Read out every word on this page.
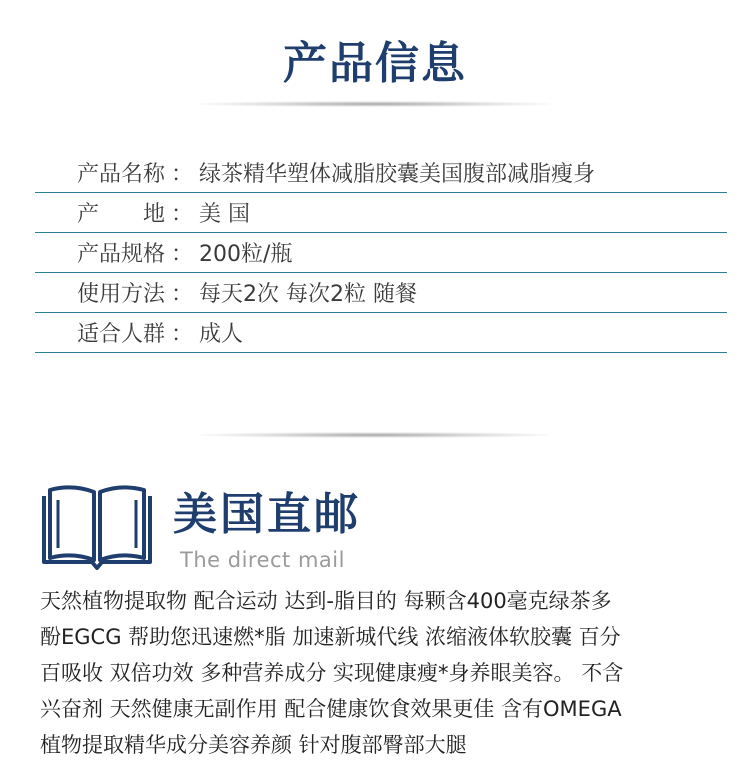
产品信息
产品名称 ： 绿茶精华塑体减脂胶囊美国腹部减脂瘦身
产　　地 ： 美 国
产品规格 ： 200粒/瓶
使用方法 ： 每天2次 每次2粒 随餐
适合人群 ： 成人
美国直邮
The direct mail
天然植物提取物 配合运动 达到-脂目的 每颗含400毫克绿茶多
酚EGCG 帮助您迅速燃*脂 加速新城代线 浓缩液体软胶囊 百分
百吸收 双倍功效 多种营养成分 实现健康瘦*身养眼美容。 不含
兴奋剂 天然健康无副作用 配合健康饮食效果更佳 含有OMEGA
植物提取精华成分美容养颜 针对腹部臀部大腿
